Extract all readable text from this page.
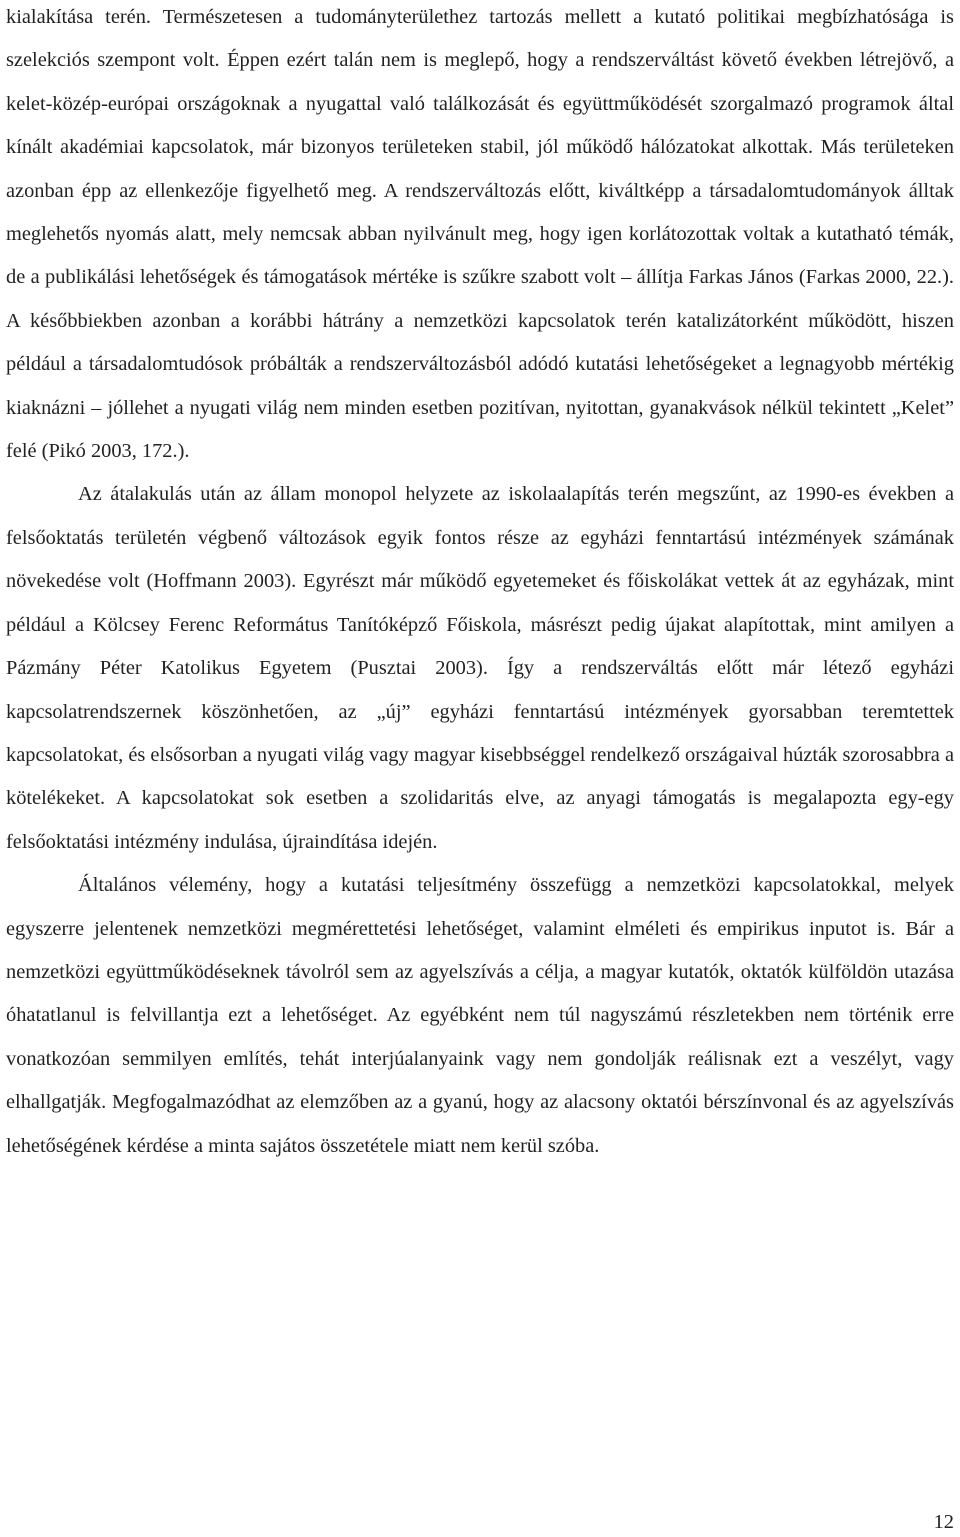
kialakítása terén. Természetesen a tudományterülethez tartozás mellett a kutató politikai megbízhatósága is szelekciós szempont volt. Éppen ezért talán nem is meglepő, hogy a rendszerváltást követő években létrejövő, a kelet-közép-európai országoknak a nyugattal való találkozását és együttműködését szorgalmazó programok által kínált akadémiai kapcsolatok, már bizonyos területeken stabil, jól működő hálózatokat alkottak. Más területeken azonban épp az ellenkezője figyelhető meg. A rendszerváltozás előtt, kiváltképp a társadalomtudományok álltak meglehetős nyomás alatt, mely nemcsak abban nyilvánult meg, hogy igen korlátozottak voltak a kutatható témák, de a publikálási lehetőségek és támogatások mértéke is szűkre szabott volt – állítja Farkas János (Farkas 2000, 22.). A későbbiekben azonban a korábbi hátrány a nemzetközi kapcsolatok terén katalizátorként működött, hiszen például a társadalomtudósok próbálták a rendszerváltozásból adódó kutatási lehetőségeket a legnagyobb mértékig kiaknázni – jóllehet a nyugati világ nem minden esetben pozitívan, nyitottan, gyanakvások nélkül tekintett „Kelet” felé (Pikó 2003, 172.).

Az átalakulás után az állam monopol helyzete az iskolaalapítás terén megszűnt, az 1990-es években a felsőoktatás területén végbenő változások egyik fontos része az egyházi fenntartású intézmények számának növekedése volt (Hoffmann 2003). Egyrészt már működő egyetemeket és főiskolákat vettek át az egyházak, mint például a Kölcsey Ferenc Református Tanítóképző Főiskola, másrészt pedig újakat alapítottak, mint amilyen a Pázmány Péter Katolikus Egyetem (Pusztai 2003). Így a rendszerváltás előtt már létező egyházi kapcsolatrendszernek köszönhetően, az „új” egyházi fenntartású intézmények gyorsabban teremtettek kapcsolatokat, és elsősorban a nyugati világ vagy magyar kisebbséggel rendelkező országaival húzták szorosabbra a kötelékeket. A kapcsolatokat sok esetben a szolidaritás elve, az anyagi támogatás is megalapozta egy-egy felsőoktatási intézmény indulása, újraindítása idején.

Általános vélemény, hogy a kutatási teljesítmény összefügg a nemzetközi kapcsolatokkal, melyek egyszerre jelentenek nemzetközi megmérettetési lehetőséget, valamint elméleti és empirikus inputot is. Bár a nemzetközi együttműködéseknek távolról sem az agyelszívás a célja, a magyar kutatók, oktatók külföldön utazása óhatatlanul is felvillantja ezt a lehetőséget. Az egyébként nem túl nagyszámú részletekben nem történik erre vonatkozóan semmilyen említés, tehát interjúalanyaink vagy nem gondolják reálisnak ezt a veszélyt, vagy elhallgatják. Megfogalmazódhat az elemzőben az a gyanú, hogy az alacsony oktatói bérszínvonal és az agyelszívás lehetőségének kérdése a minta sajátos összetétele miatt nem kerül szóba.

12
